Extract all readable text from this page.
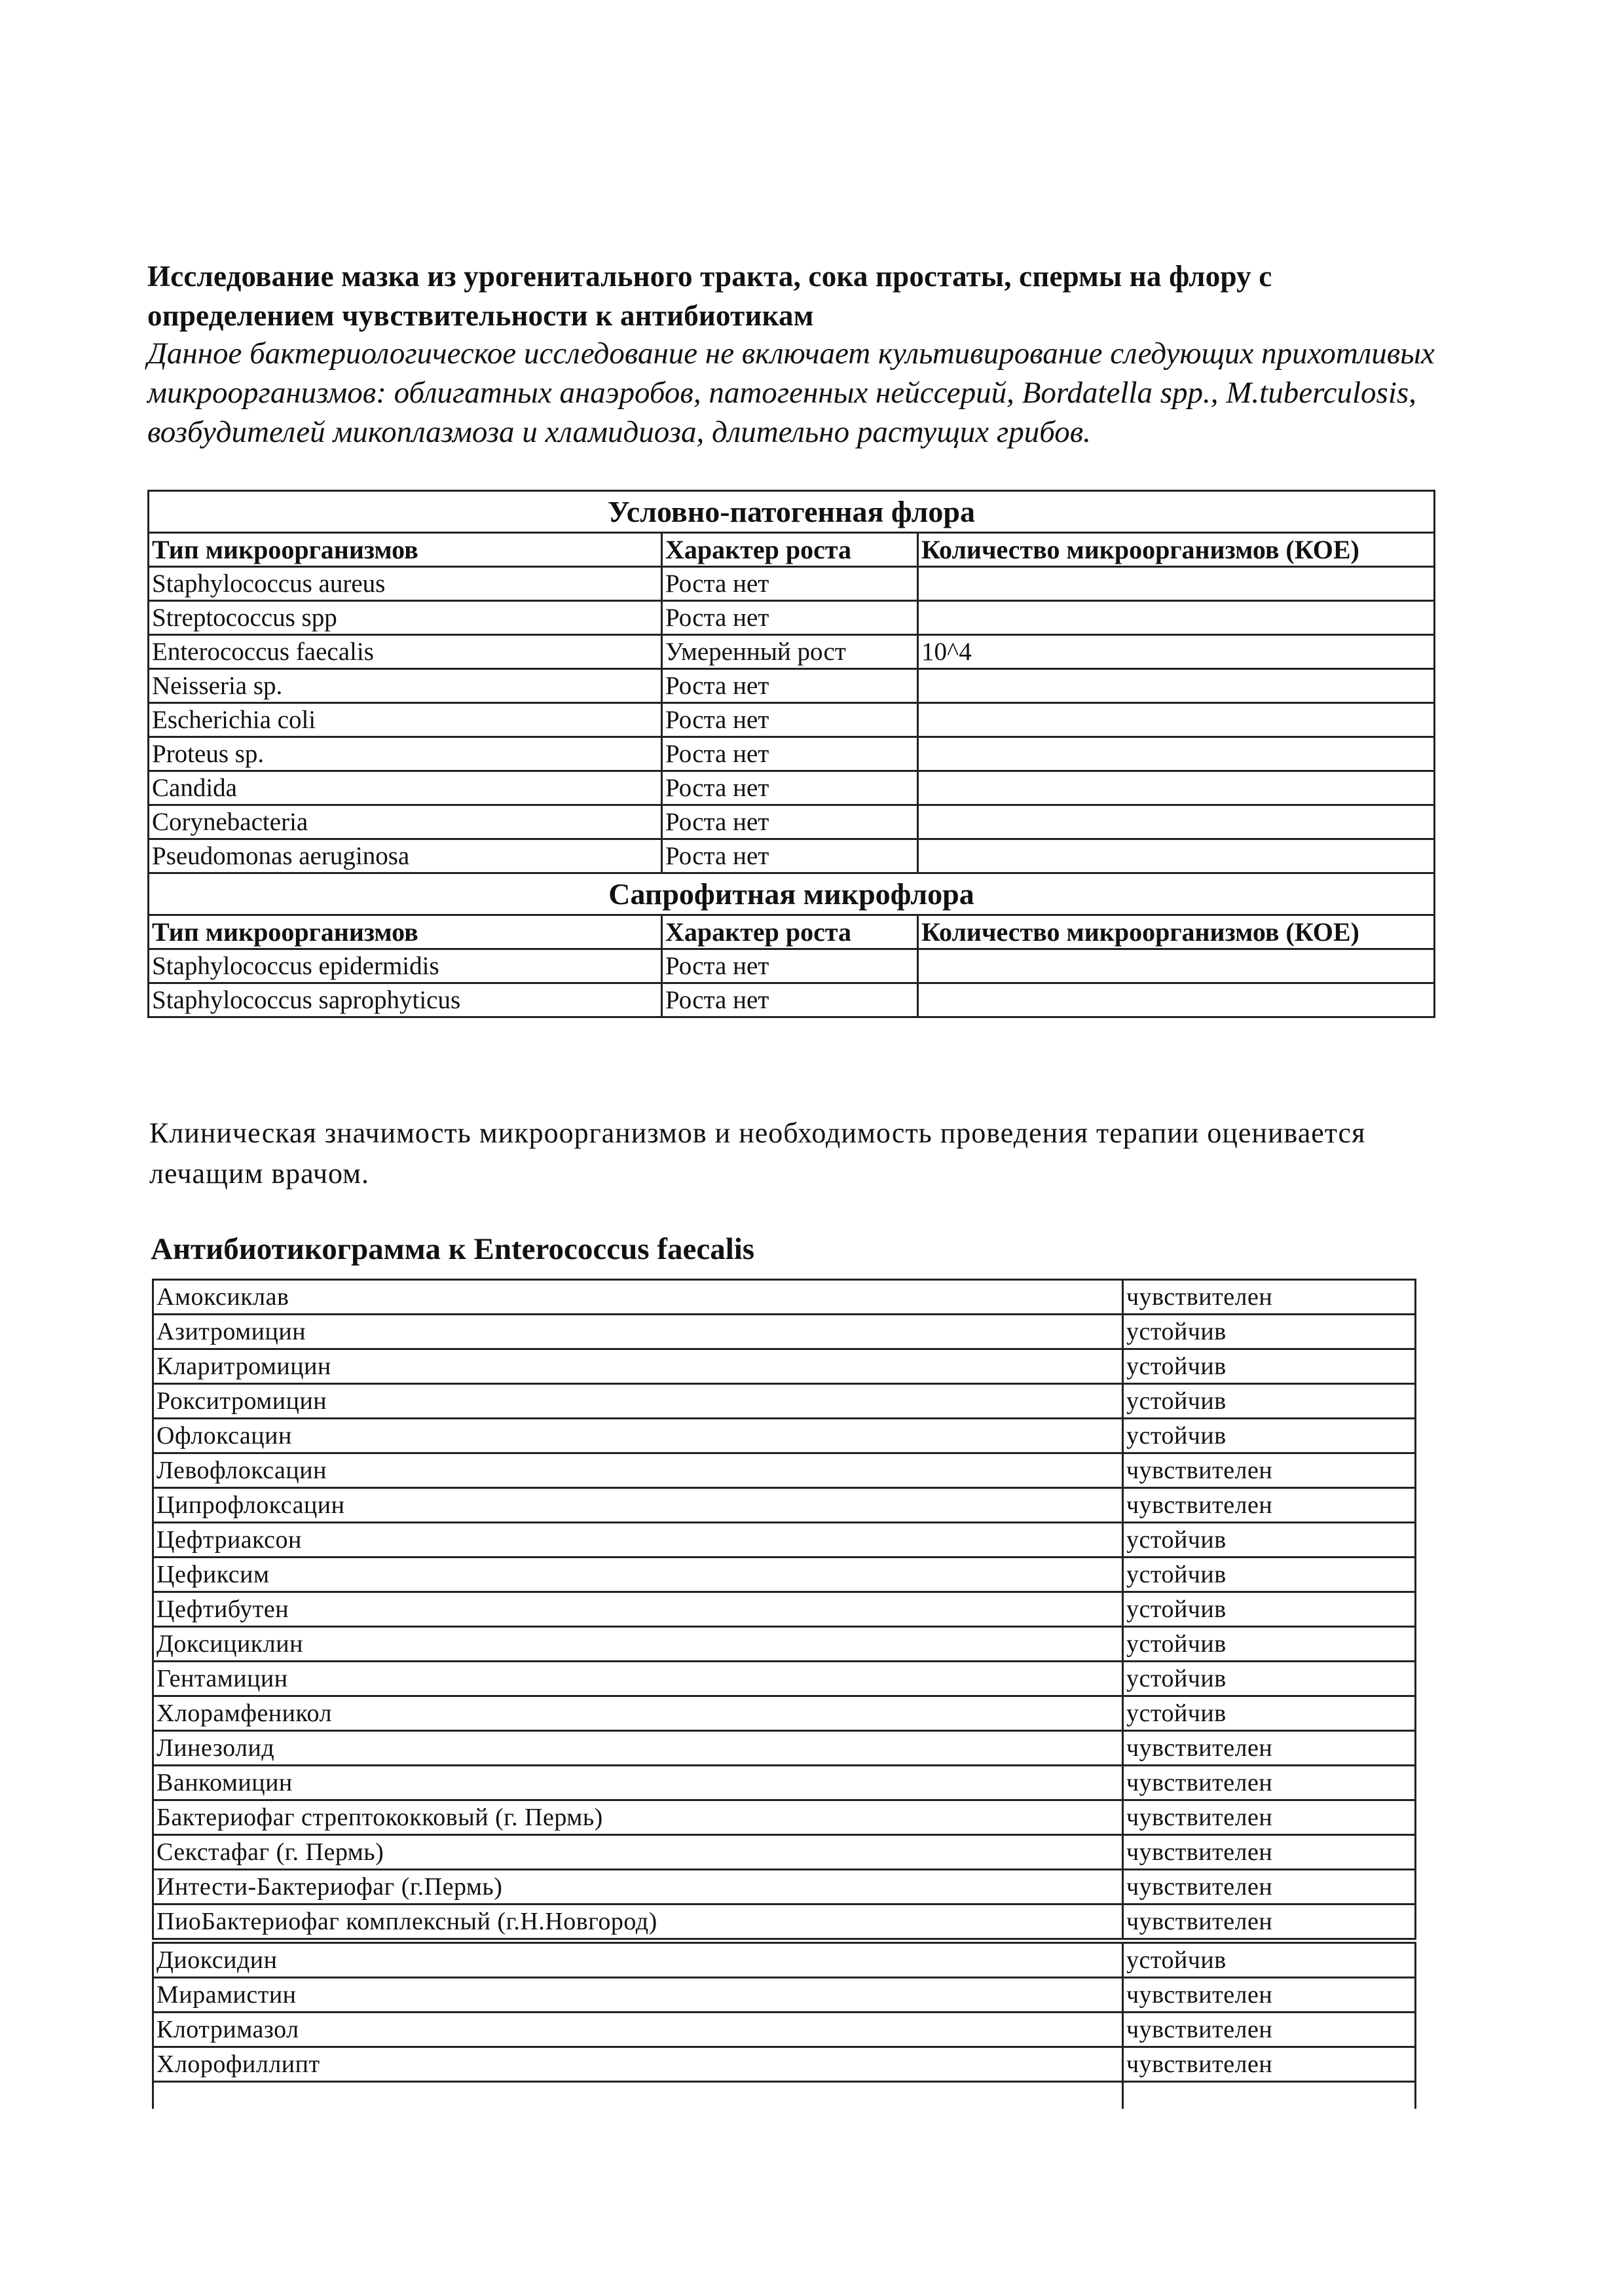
Исследование мазка из урогенитального тракта, сока простаты, спермы на флору с определением чувствительности к антибиотикам
Данное бактериологическое исследование не включает культивирование следующих прихотливых микроорганизмов: облигатных анаэробов, патогенных нейссерий, Bordatella spp., M.tuberculosis, возбудителей микоплазмоза и хламидиоза, длительно растущих грибов.
Условно-патогенная флора		
Тип микроорганизмов	Характер роста	Количество микроорганизмов (КОЕ)
Staphylococcus aureus	Роста нет	
Streptococcus spp	Роста нет	
Enterococcus faecalis	Умеренный рост	10^4
Neisseria sp.	Роста нет	
Escherichia coli	Роста нет	
Proteus sp.	Роста нет	
Candida	Роста нет	
Corynebacteria	Роста нет	
Pseudomonas aeruginosa	Роста нет	
Сапрофитная микрофлора		
Тип микроорганизмов	Характер роста	Количество микроорганизмов (КОЕ)
Staphylococcus epidermidis	Роста нет	
Staphylococcus saprophyticus	Роста нет	
Клиническая значимость микроорганизмов и необходимость проведения терапии оценивается лечащим врачом.
Антибиотикограмма к Enterococcus faecalis
Амоксиклав	чувствителен
Азитромицин	устойчив
Кларитромицин	устойчив
Рокситромицин	устойчив
Офлоксацин	устойчив
Левофлоксацин	чувствителен
Ципрофлоксацин	чувствителен
Цефтриаксон	устойчив
Цефиксим	устойчив
Цефтибутен	устойчив
Доксициклин	устойчив
Гентамицин	устойчив
Хлорамфеникол	устойчив
Линезолид	чувствителен
Ванкомицин	чувствителен
Бактериофаг стрептококковый (г. Пермь)	чувствителен
Секстафаг (г. Пермь)	чувствителен
Интести-Бактериофаг (г.Пермь)	чувствителен
ПиоБактериофаг комплексный (г.Н.Новгород)	чувствителен
Диоксидин	устойчив
Мирамистин	чувствителен
Клотримазол	чувствителен
Хлорофиллипт	чувствителен
